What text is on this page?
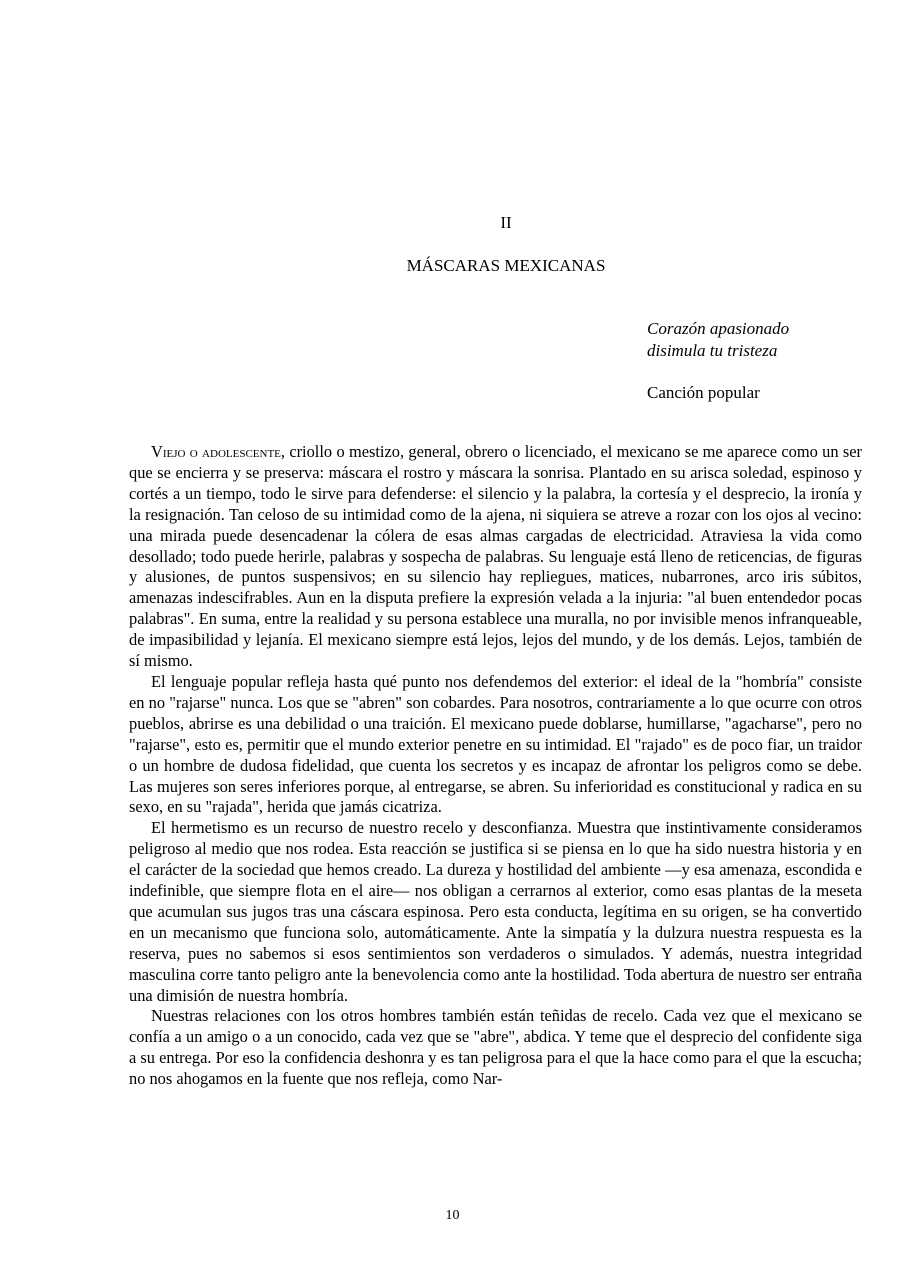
II
MÁSCARAS MEXICANAS
Corazón apasionado
disimula tu tristeza
Canción popular

Viejo o adolescente, criollo o mestizo, general, obrero o licenciado, el mexicano se me aparece como un ser que se encierra y se preserva: máscara el rostro y máscara la sonrisa. Plantado en su arisca soledad, espinoso y cortés a un tiempo, todo le sirve para defenderse: el silencio y la palabra, la cortesía y el desprecio, la ironía y la resignación. Tan celoso de su intimidad como de la ajena, ni siquiera se atreve a rozar con los ojos al vecino: una mirada puede desencadenar la cólera de esas almas cargadas de electricidad. Atraviesa la vida como desollado; todo puede herirle, palabras y sospecha de palabras. Su lenguaje está lleno de reticencias, de figuras y alusiones, de puntos suspensivos; en su silencio hay repliegues, matices, nubarrones, arco iris súbitos, amenazas indescifrables. Aun en la disputa prefiere la expresión velada a la injuria: "al buen entendedor pocas palabras". En suma, entre la realidad y su persona establece una muralla, no por invisible menos infranqueable, de impasibilidad y lejanía. El mexicano siempre está lejos, lejos del mundo, y de los demás. Lejos, también de sí mismo.

El lenguaje popular refleja hasta qué punto nos defendemos del exterior: el ideal de la "hombría" consiste en no "rajarse" nunca. Los que se "abren" son cobardes. Para nosotros, contrariamente a lo que ocurre con otros pueblos, abrirse es una debilidad o una traición. El mexicano puede doblarse, humillarse, "agacharse", pero no "rajarse", esto es, permitir que el mundo exterior penetre en su intimidad. El "rajado" es de poco fiar, un traidor o un hombre de dudosa fidelidad, que cuenta los secretos y es incapaz de afrontar los peligros como se debe. Las mujeres son seres inferiores porque, al entregarse, se abren. Su inferioridad es constitucional y radica en su sexo, en su "rajada", herida que jamás cicatriza.

El hermetismo es un recurso de nuestro recelo y desconfianza. Muestra que instintivamente consideramos peligroso al medio que nos rodea. Esta reacción se justifica si se piensa en lo que ha sido nuestra historia y en el carácter de la sociedad que hemos creado. La dureza y hostilidad del ambiente —y esa amenaza, escondida e indefinible, que siempre flota en el aire— nos obligan a cerrarnos al exterior, como esas plantas de la meseta que acumulan sus jugos tras una cáscara espinosa. Pero esta conducta, legítima en su origen, se ha convertido en un mecanismo que funciona solo, automáticamente. Ante la simpatía y la dulzura nuestra respuesta es la reserva, pues no sabemos si esos sentimientos son verdaderos o simulados. Y además, nuestra integridad masculina corre tanto peligro ante la benevolencia como ante la hostilidad. Toda abertura de nuestro ser entraña una dimisión de nuestra hombría.

Nuestras relaciones con los otros hombres también están teñidas de recelo. Cada vez que el mexicano se confía a un amigo o a un conocido, cada vez que se "abre", abdica. Y teme que el desprecio del confidente siga a su entrega. Por eso la confidencia deshonra y es tan peligrosa para el que la hace como para el que la escucha; no nos ahogamos en la fuente que nos refleja, como Nar-

10
